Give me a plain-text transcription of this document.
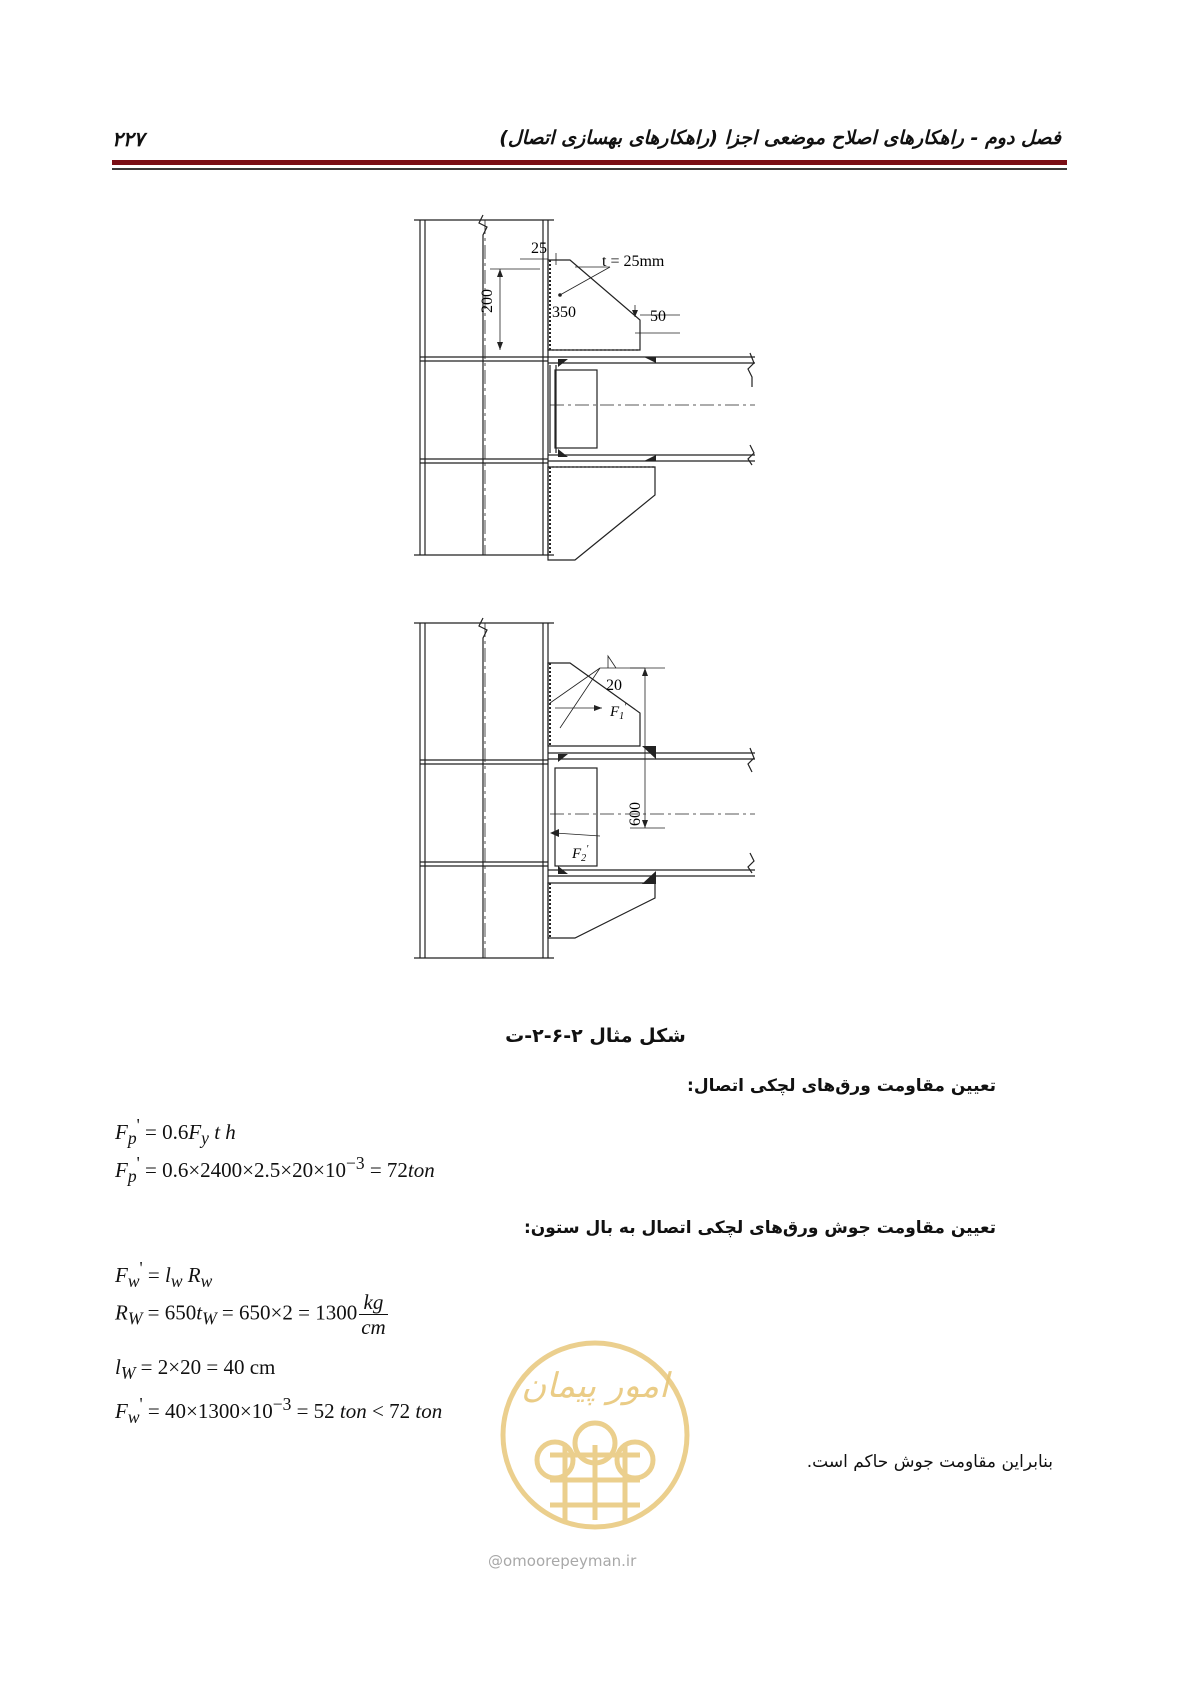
فصل دوم - راهکارهای اصلاح موضعی اجزا (راهکارهای بهسازی اتصال)
۲۲۷
25
t = 25mm
200	350	50
20
$F_1'$
$F_2'$
600
شکل مثال ۲-۶-۲-ت
تعیین مقاومت ورق‌های لچکی اتصال:
$F_p' = 0.6F_y$ t h
$F_p' = 0.6\times 2400\times 2.5\times 20\times 10^{-3} = 72ton$
تعیین مقاومت جوش ورق‌های لچکی اتصال به بال ستون:
$F_w' = l_w$ $R_w$
$R_W = 650t_W = 650\times 2 = 1300 \frac{kg}{cm}$
$l_W = 2\times 20 = 40$ cm
$F_w' = 40\times 1300\times 10^{-3} = 52$ ton < 72 ton
امور پیمان
@omoorepeyman.ir
بنابراین مقاومت جوش حاکم است.
